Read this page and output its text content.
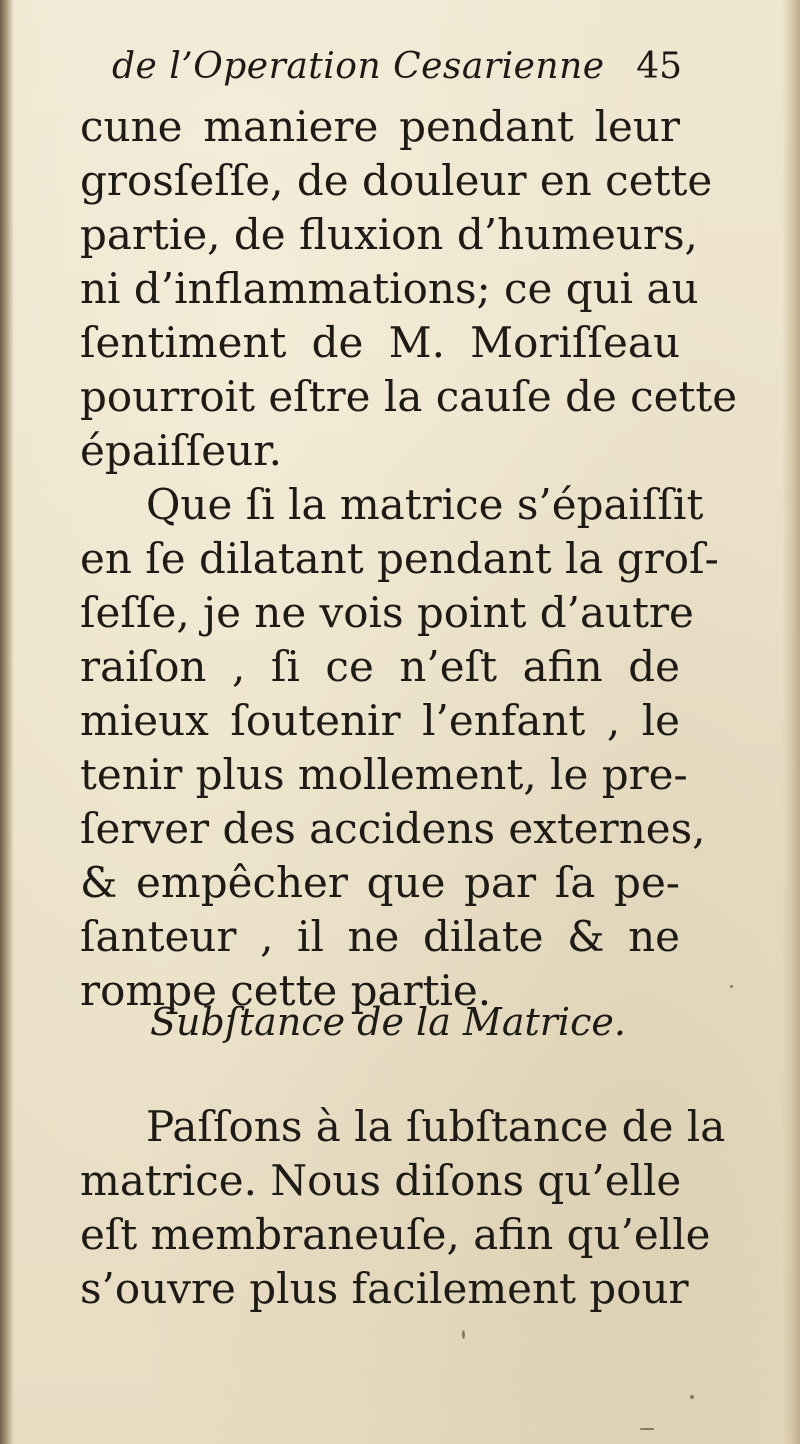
de l’Operation Cesarienne 45
cune maniere pendant leur
grosſeſſe, de douleur en cette
partie, de fluxion d’humeurs,
ni d’inflammations; ce qui au
ſentiment de M. Moriſſeau
pourroit eſtre la cauſe de cette
épaiſſeur.
Que ſi la matrice s’épaiſſit
en ſe dilatant pendant la groſ-
ſeſſe, je ne vois point d’autre
raiſon , ſi ce n’eſt afin de
mieux ſoutenir l’enfant , le
tenir plus mollement, le pre-
ſerver des accidens externes,
& empêcher que par ſa pe-
ſanteur , il ne dilate & ne
rompe cette partie.
Paſſons à la ſubſtance de la
matrice. Nous diſons qu’elle
eſt membraneuſe, afin qu’elle
s’ouvre plus facilement pour
Subſtance de la Matrice.
